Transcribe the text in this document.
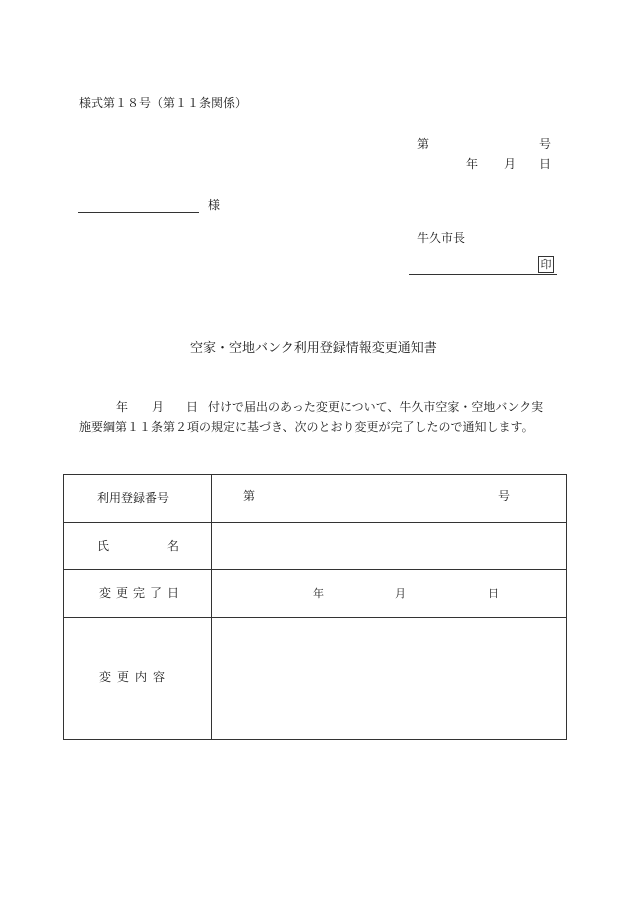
様式第１８号（第１１条関係）
第	号
年 月 日
様
牛久市長
印
空家・空地バンク利用登録情報変更通知書
年 月 日 付けで届出のあった変更について、牛久市空家・空地バンク実
施要綱第１１条第２項の規定に基づき、次のとおり変更が完了したので通知します。
利用登録番号	第 号

氏 名	

変更完了日	年 月 日

変更内容	
